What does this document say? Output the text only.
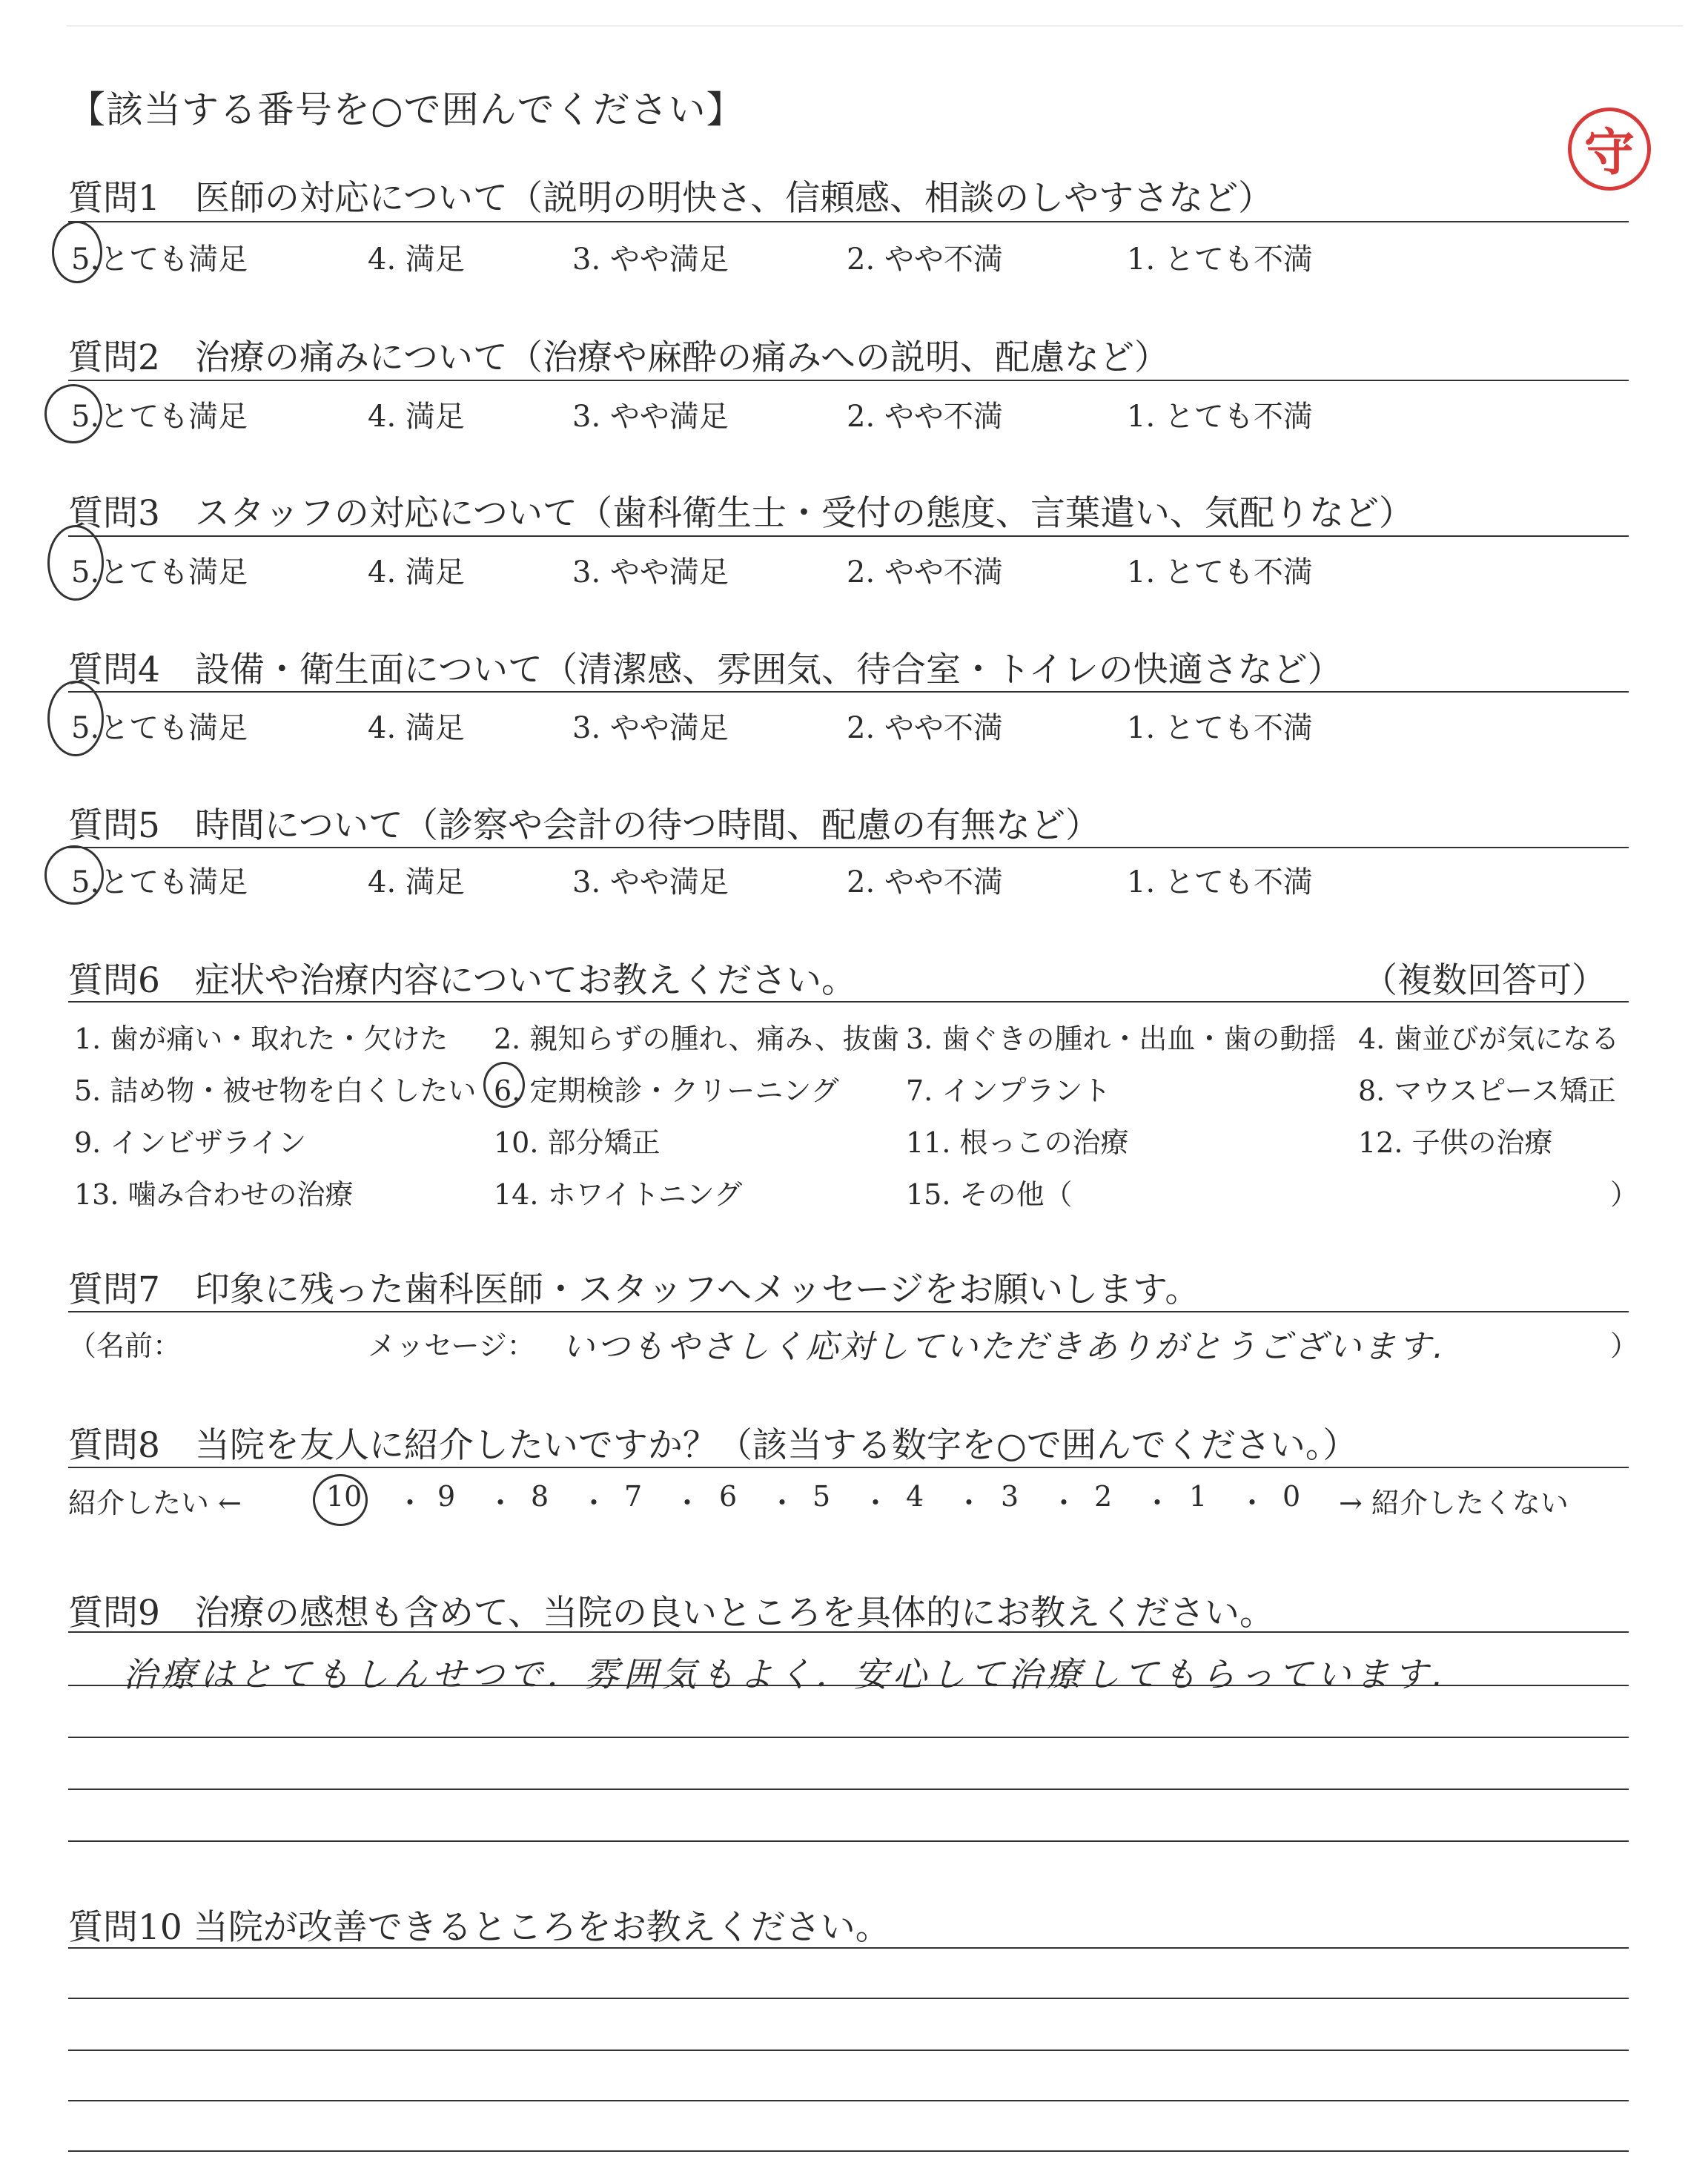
【該当する番号を○で囲んでください】
守
質問1　医師の対応について（説明の明快さ、信頼感、相談のしやすさなど）
5.とても満足	4. 満足	3. やや満足	2. やや不満	1. とても不満
質問2　治療の痛みについて（治療や麻酔の痛みへの説明、配慮など）
5.とても満足	4. 満足	3. やや満足	2. やや不満	1. とても不満
質問3　スタッフの対応について（歯科衛生士・受付の態度、言葉遣い、気配りなど）
5.とても満足	4. 満足	3. やや満足	2. やや不満	1. とても不満
質問4　設備・衛生面について（清潔感、雰囲気、待合室・トイレの快適さなど）
5.とても満足	4. 満足	3. やや満足	2. やや不満	1. とても不満
質問5　時間について（診察や会計の待つ時間、配慮の有無など）
5.とても満足	4. 満足	3. やや満足	2. やや不満	1. とても不満
質問6　症状や治療内容についてお教えください。	（複数回答可）
1. 歯が痛い・取れた・欠けた 2. 親知らずの腫れ、痛み、抜歯 3. 歯ぐきの腫れ・出血・歯の動揺 4. 歯並びが気になる
5. 詰め物・被せ物を白くしたい 6. 定期検診・クリーニング 7. インプラント	8. マウスピース矯正
9. インビザライン	10. 部分矯正	11. 根っこの治療	12. 子供の治療
13. 噛み合わせの治療	14. ホワイトニング	15. その他（	）
質問7　印象に残った歯科医師・スタッフへメッセージをお願いします。
（名前：	メッセージ： いつもやさしく応対していただきありがとうございます.	）
質問8　当院を友人に紹介したいですか？（該当する数字を○で囲んでください。）
紹介したい ←	10 ・ 9 ・ 8 ・ 7 ・ 6 ・ 5 ・ 4 ・ 3 ・ 2 ・ 1 ・ 0 → 紹介したくない
質問9　治療の感想も含めて、当院の良いところを具体的にお教えください。
治療はとてもしんせつで．雰囲気もよく．安心して治療してもらっています.
質問10 当院が改善できるところをお教えください。
